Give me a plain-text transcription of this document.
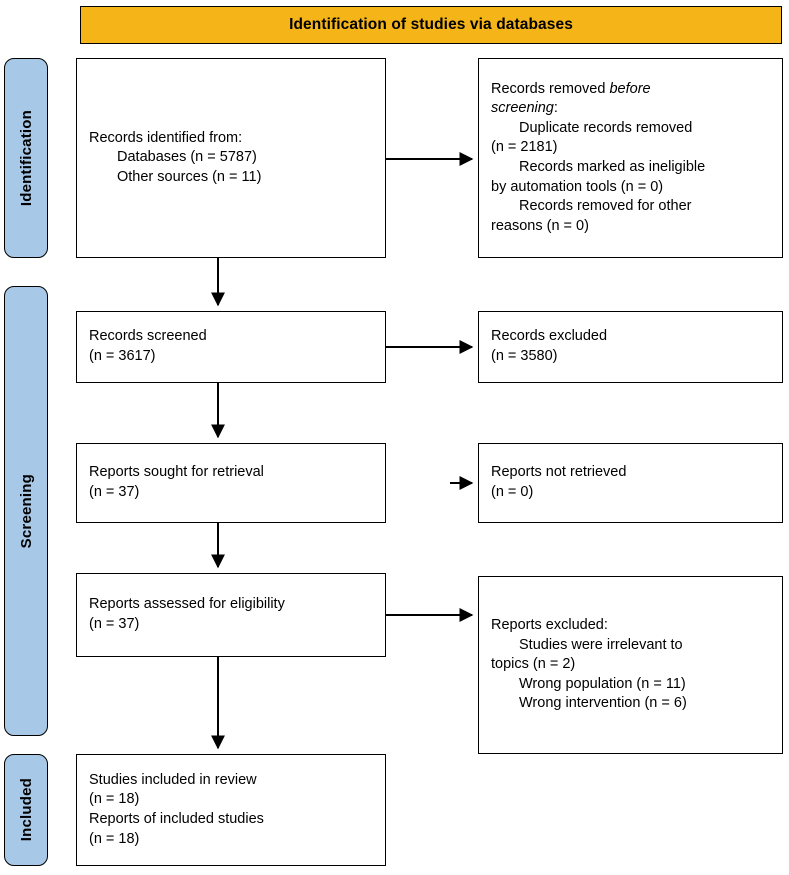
Identification of studies via databases
Identification
Screening
Included
Records identified from:
Databases (n = 5787)
Other sources (n = 11)
Records removed before
screening:
Duplicate records removed
(n = 2181)
Records marked as ineligible
by automation tools (n = 0)
Records removed for other
reasons (n = 0)
Records screened
(n = 3617)
Records excluded
(n = 3580)
Reports sought for retrieval
(n = 37)
Reports not retrieved
(n = 0)
Reports assessed for eligibility
(n = 37)	Reports excluded:
Studies were irrelevant to
topics (n = 2)
Wrong population (n = 11)
Wrong intervention (n = 6)
Studies included in review
(n = 18)
Reports of included studies
(n = 18)
